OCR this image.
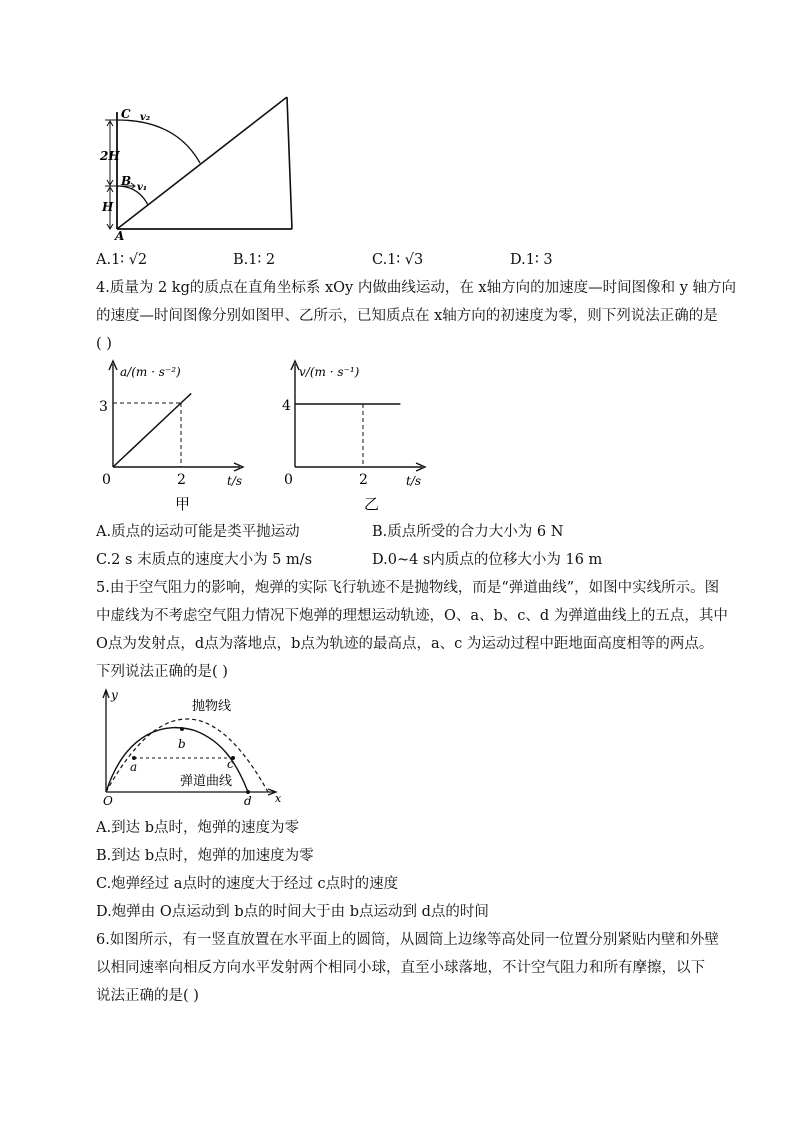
C v₂
2H
B v₁
H
A
A.1∶ √2	B.1∶ 2	C.1∶ √3	D.1∶ 3
4.质量为 2 kg的质点在直角坐标系 xOy 内做曲线运动，在 x轴方向的加速度—时间图像和 y 轴方向
的速度—时间图像分别如图甲、乙所示，已知质点在 x轴方向的初速度为零，则下列说法正确的是
( )
a/(m · s⁻²)
3
0	2	t/s
甲
v/(m · s⁻¹)
4
0	2	t/s
乙
A.质点的运动可能是类平抛运动	B.质点所受的合力大小为 6 N
C.2 s 末质点的速度大小为 5 m/s	D.0~4 s内质点的位移大小为 16 m
5.由于空气阻力的影响，炮弹的实际飞行轨迹不是抛物线，而是“弹道曲线”，如图中实线所示。图
中虚线为不考虑空气阻力情况下炮弹的理想运动轨迹，O、a、b、c、d 为弹道曲线上的五点，其中
O点为发射点，d点为落地点，b点为轨迹的最高点，a、c 为运动过程中距地面高度相等的两点。
下列说法正确的是( )
y
抛物线
b
a	c
弹道曲线
O	d x
A.到达 b点时，炮弹的速度为零
B.到达 b点时，炮弹的加速度为零
C.炮弹经过 a点时的速度大于经过 c点时的速度
D.炮弹由 O点运动到 b点的时间大于由 b点运动到 d点的时间
6.如图所示，有一竖直放置在水平面上的圆筒，从圆筒上边缘等高处同一位置分别紧贴内壁和外壁
以相同速率向相反方向水平发射两个相同小球，直至小球落地，不计空气阻力和所有摩擦，以下
说法正确的是( )
